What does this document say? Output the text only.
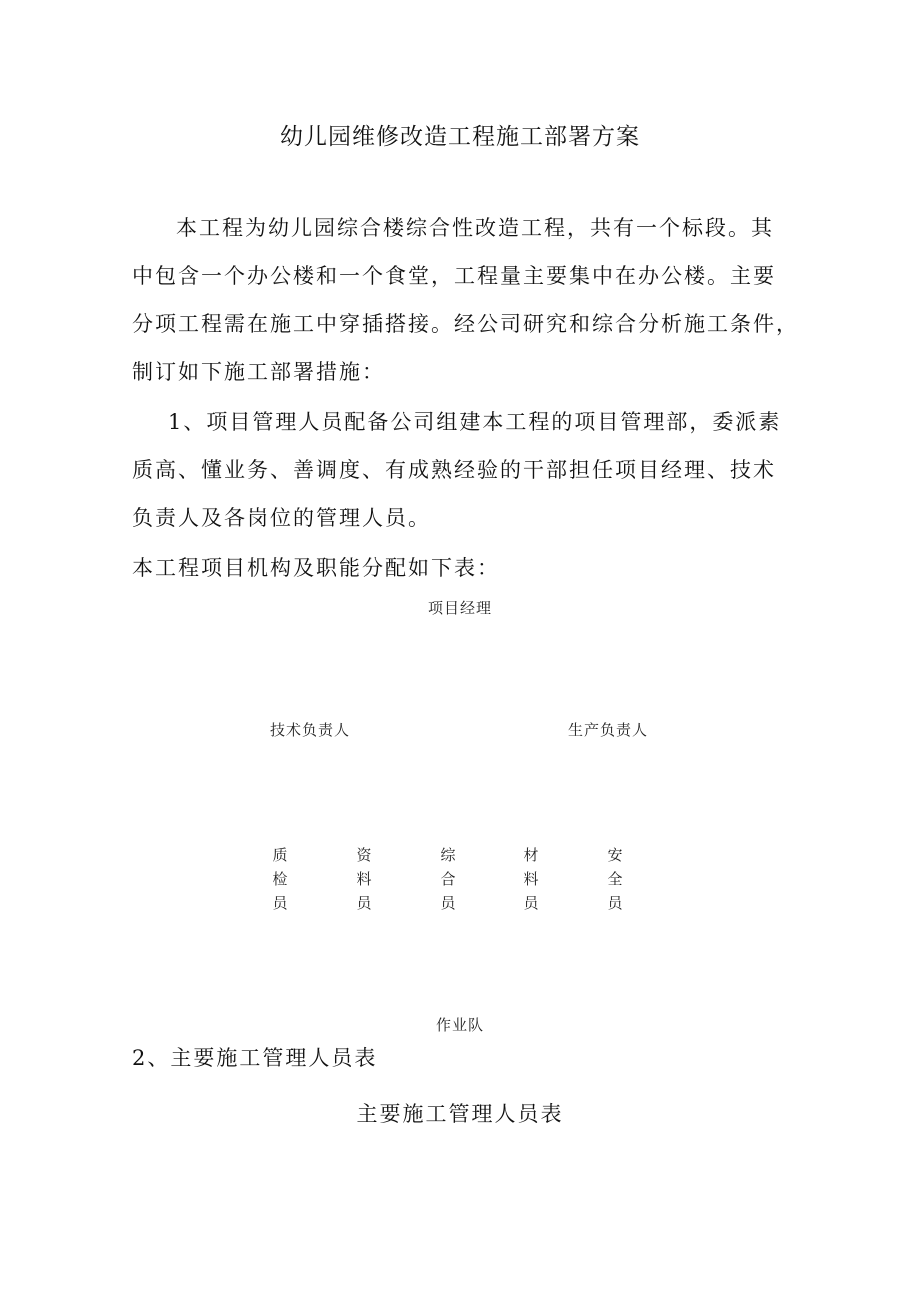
幼儿园维修改造工程施工部署方案
本工程为幼儿园综合楼综合性改造工程，共有一个标段。其
中包含一个办公楼和一个食堂，工程量主要集中在办公楼。主要
分项工程需在施工中穿插搭接。经公司研究和综合分析施工条件，
制订如下施工部署措施：
1、项目管理人员配备公司组建本工程的项目管理部，委派素
质高、懂业务、善调度、有成熟经验的干部担任项目经理、技术
负责人及各岗位的管理人员。
本工程项目机构及职能分配如下表：
项目经理
技术负责人	生产负责人
质
检
员
资
料
员
综
合
员
材
料
员
安
全
员
作业队
2、主要施工管理人员表
主要施工管理人员表
